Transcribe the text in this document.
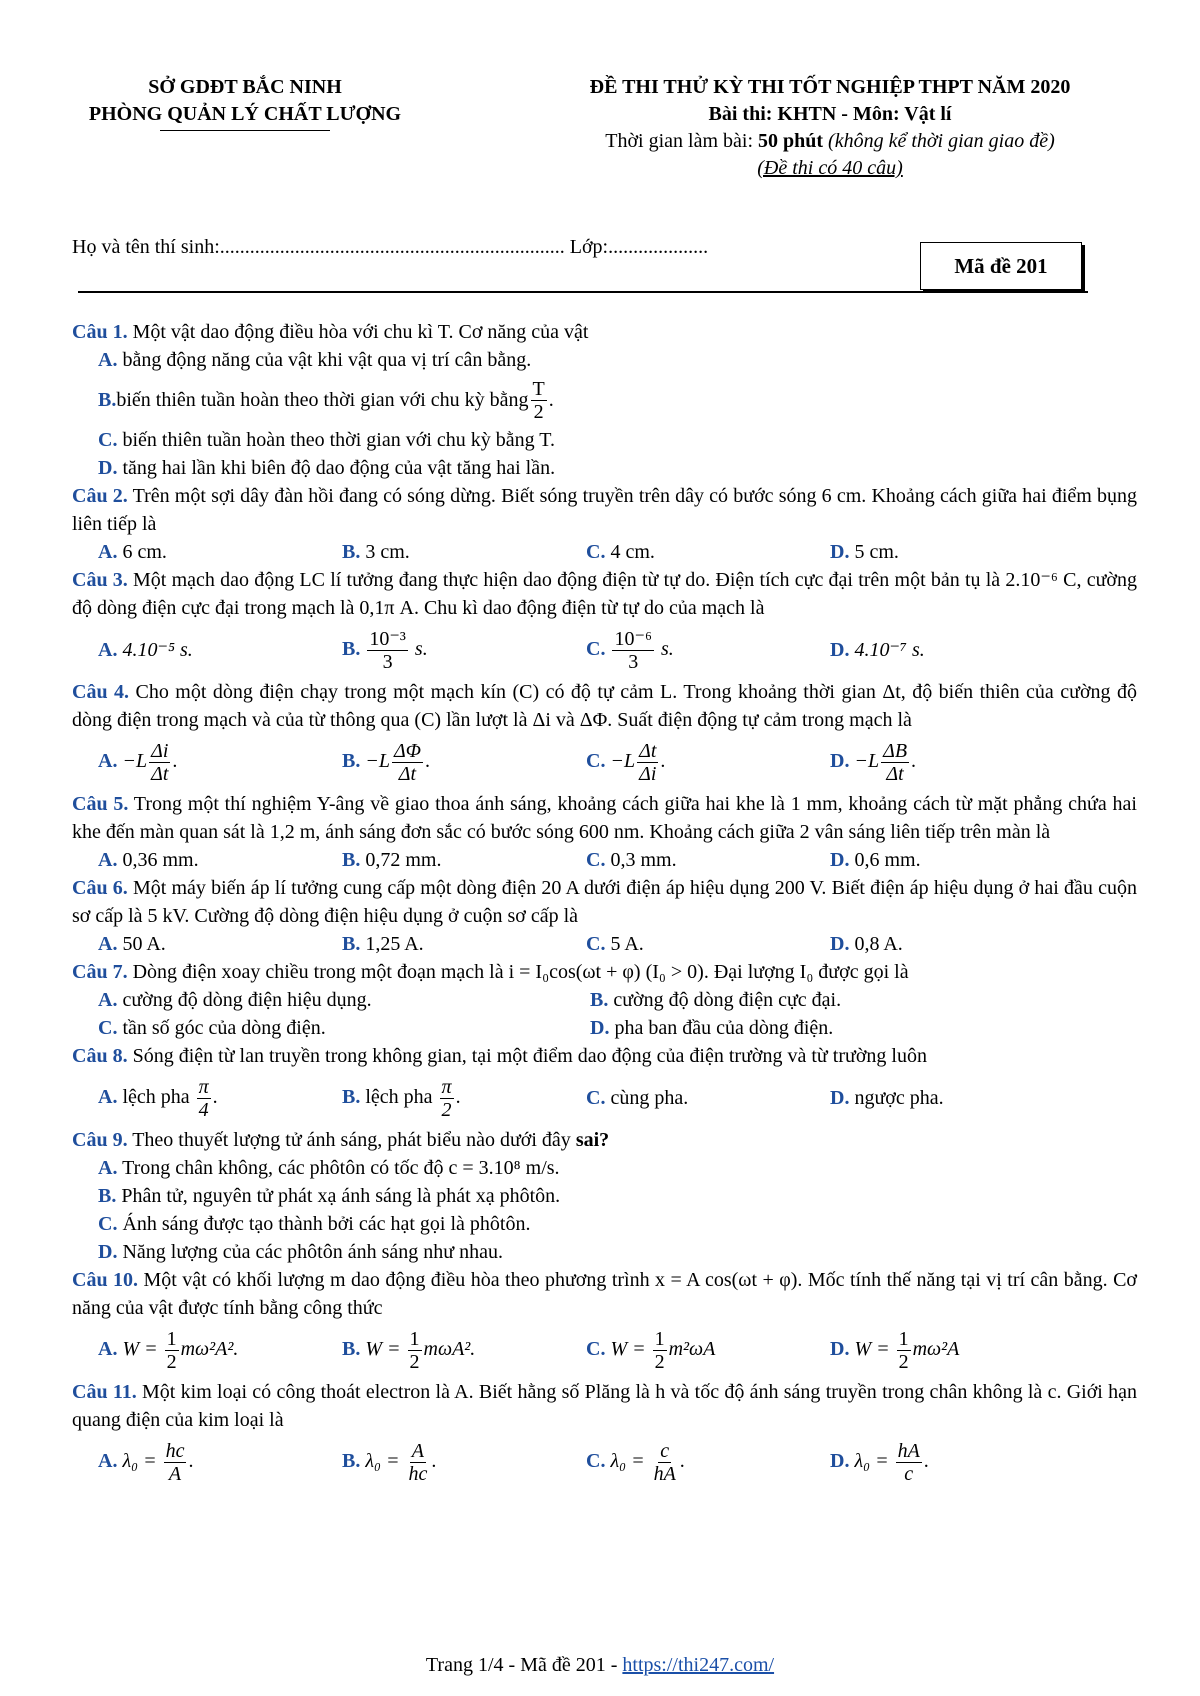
SỞ GDĐT BẮC NINH
PHÒNG QUẢN LÝ CHẤT LƯỢNG
ĐỀ THI THỬ KỲ THI TỐT NGHIỆP THPT NĂM 2020
Bài thi: KHTN - Môn: Vật lí
Thời gian làm bài: 50 phút (không kể thời gian giao đề)
(Đề thi có 40 câu)
Họ và tên thí sinh:..................................................................... Lớp:....................
Mã đề 201
Câu 1. Một vật dao động điều hòa với chu kì T. Cơ năng của vật
A. bằng động năng của vật khi vật qua vị trí cân bằng.
B. biến thiên tuần hoàn theo thời gian với chu kỳ bằng $\frac{T}{2}$ .
C. biến thiên tuần hoàn theo thời gian với chu kỳ bằng T.
D. tăng hai lần khi biên độ dao động của vật tăng hai lần.
Câu 2. Trên một sợi dây đàn hồi đang có sóng dừng. Biết sóng truyền trên dây có bước sóng 6 cm. Khoảng cách giữa hai điểm bụng liên tiếp là
A. 6 cm.	B. 3 cm.	C. 4 cm.	D. 5 cm.
Câu 3. Một mạch dao động LC lí tưởng đang thực hiện dao động điện từ tự do. Điện tích cực đại trên một bản tụ là 2.10⁻⁶ C, cường độ dòng điện cực đại trong mạch là 0,1π A. Chu kì dao động điện từ tự do của mạch là
A. 4.10⁻⁵ s.	B. $\frac{\text{10⁻³}}{3} s$.	C. $\frac{\text{10⁻⁶}}{3} s$.	D. 4.10⁻⁷ s.
Câu 4. Cho một dòng điện chạy trong một mạch kín (C) có độ tự cảm L. Trong khoảng thời gian Δt, độ biến thiên của cường độ dòng điện trong mạch và của từ thông qua (C) lần lượt là Δi và ΔΦ. Suất điện động tự cảm trong mạch là
A. $-L \frac{\Delta i}{\Delta t}$ .	B. $-L \frac{\Delta\Phi}{\Delta t}$ .	C. $-L \frac{\Delta t}{\Delta i}$ .	D. $-L \frac{\Delta B}{\Delta t}$ .
Câu 5. Trong một thí nghiệm Y-âng về giao thoa ánh sáng, khoảng cách giữa hai khe là 1 mm, khoảng cách từ mặt phẳng chứa hai khe đến màn quan sát là 1,2 m, ánh sáng đơn sắc có bước sóng 600 nm. Khoảng cách giữa 2 vân sáng liên tiếp trên màn là
A. 0,36 mm.	B. 0,72 mm.	C. 0,3 mm.	D. 0,6 mm.
Câu 6. Một máy biến áp lí tưởng cung cấp một dòng điện 20 A dưới điện áp hiệu dụng 200 V. Biết điện áp hiệu dụng ở hai đầu cuộn sơ cấp là 5 kV. Cường độ dòng điện hiệu dụng ở cuộn sơ cấp là
A. 50 A.	B. 1,25 A.	C. 5 A.	D. 0,8 A.
Câu 7. Dòng điện xoay chiều trong một đoạn mạch là i = I₀cos(ωt + φ) (I₀ > 0). Đại lượng I₀ được gọi là
A. cường độ dòng điện hiệu dụng.	B. cường độ dòng điện cực đại.
C. tần số góc của dòng điện.	D. pha ban đầu của dòng điện.
Câu 8. Sóng điện từ lan truyền trong không gian, tại một điểm dao động của điện trường và từ trường luôn
A. lệch pha $\frac{\pi}{4}$ .	B. lệch pha $\frac{\pi}{2}$ .	C. cùng pha.	D. ngược pha.
Câu 9. Theo thuyết lượng tử ánh sáng, phát biểu nào dưới đây sai?
A. Trong chân không, các phôtôn có tốc độ c = 3.10⁸ m/s.
B. Phân tử, nguyên tử phát xạ ánh sáng là phát xạ phôtôn.
C. Ánh sáng được tạo thành bởi các hạt gọi là phôtôn.
D. Năng lượng của các phôtôn ánh sáng như nhau.
Câu 10. Một vật có khối lượng m dao động điều hòa theo phương trình x = A cos(ωt + φ). Mốc tính thế năng tại vị trí cân bằng. Cơ năng của vật được tính bằng công thức
A. $W = \frac{1}{2} m\omega^2A^2$.	B. $W = \frac{1}{2} m\omega A^2$.	C. $W = \frac{1}{2} m^2\omega A$	D. $W = \frac{1}{2} m\omega^2A$
Câu 11. Một kim loại có công thoát electron là A. Biết hằng số Plăng là h và tốc độ ánh sáng truyền trong chân không là c. Giới hạn quang điện của kim loại là
A. $\lambda_0 = \frac{hc}{A}$ .	B. $\lambda_0 = \frac{A}{hc}$ .	C. $\lambda_0 = \frac{c}{hA}$ .	D. $\lambda_0 = \frac{hA}{c}$ .
Trang 1/4 - Mã đề 201 - https://thi247.com/
